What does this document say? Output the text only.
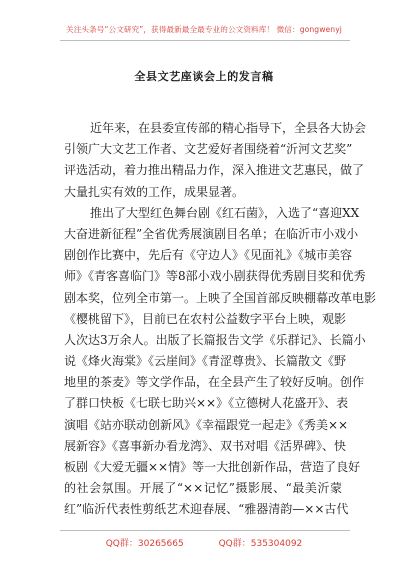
关注头条号“公文研究”，获得最新最全最专业的公文资料库！ 微信：gongwenyj
全县文艺座谈会上的发言稿
近年来，在县委宣传部的精心指导下，全县各大协会
引领广大文艺工作者、文艺爱好者围绕着“沂河文艺奖”
评选活动，着力推出精品力作，深入推进文艺惠民，做了
大量扎实有效的工作，成果显著。
推出了大型红色舞台剧《红石菌》，入选了“喜迎XX
大奋进新征程”全省优秀展演剧目名单；在临沂市小戏小
剧创作比赛中，先后有《守边人》《见面礼》《城市美容
师》《青客喜临门》等8部小戏小剧获得优秀剧目奖和优秀
剧本奖，位列全市第一。上映了全国首部反映棚幕改革电影
《樱桃留下》，目前已在农村公益数字平台上映，观影
人次达3万余人。出版了长篇报告文学《乐群记》、长篇小
说《烽火海棠》《云崖间》《青涩尊贵》、长篇散文《野
地里的茶麦》等文学作品，在全县产生了较好反响。创作
了群口快板《七联七助兴××》《立德树人花盛开》、表
演唱《站亦联动创新风》《幸福跟党一起走》《秀美××
展新容》《喜事新办看龙湾》、双书对唱《活界碑》、快
板剧《大爱无疆××情》等一大批创新作品，营造了良好
的社会氛围。开展了“××记忆”摄影展、“最美沂蒙
红”临沂代表性剪纸艺术迎春展、“雅器清韵—××古代
QQ群：30265665	QQ群：535304092
